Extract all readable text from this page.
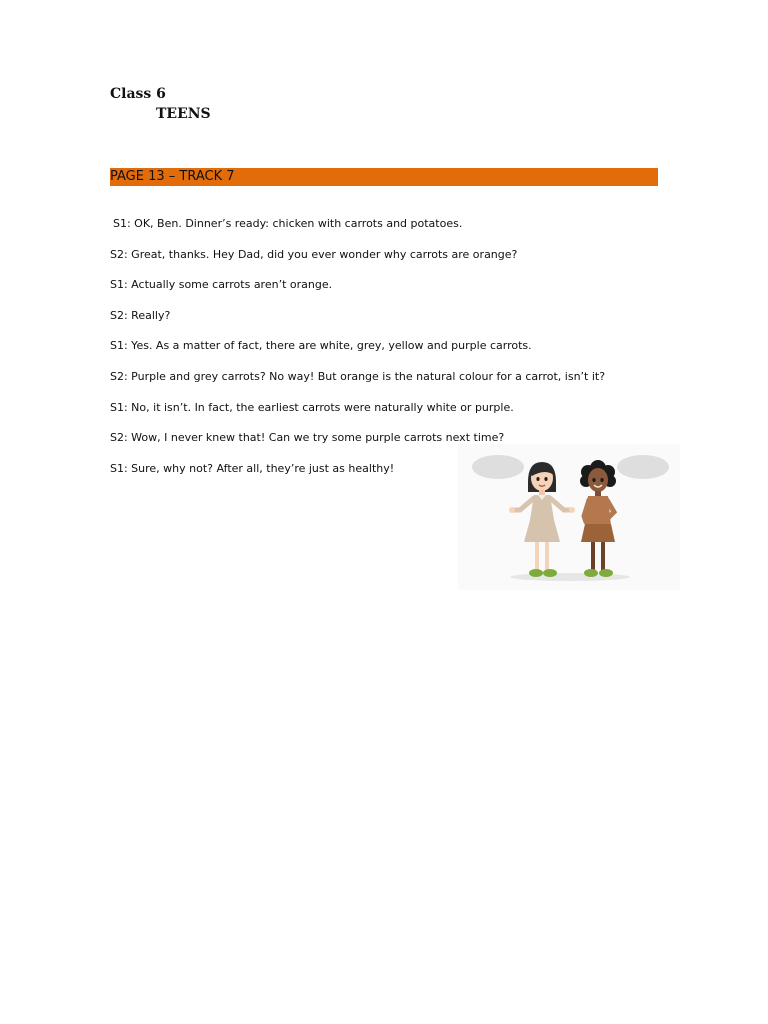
Class 6
TEENS
PAGE 13 – TRACK 7
S1: OK, Ben. Dinner’s ready: chicken with carrots and potatoes.
S2: Great, thanks. Hey Dad, did you ever wonder why carrots are orange?
S1: Actually some carrots aren’t orange.
S2: Really?
S1: Yes. As a matter of fact, there are white, grey, yellow and purple carrots.
S2: Purple and grey carrots? No way! But orange is the natural colour for a carrot, isn’t it?
S1: No, it isn’t. In fact, the earliest carrots were naturally white or purple.
S2: Wow, I never knew that! Can we try some purple carrots next time?
S1: Sure, why not? After all, they’re just as healthy!
